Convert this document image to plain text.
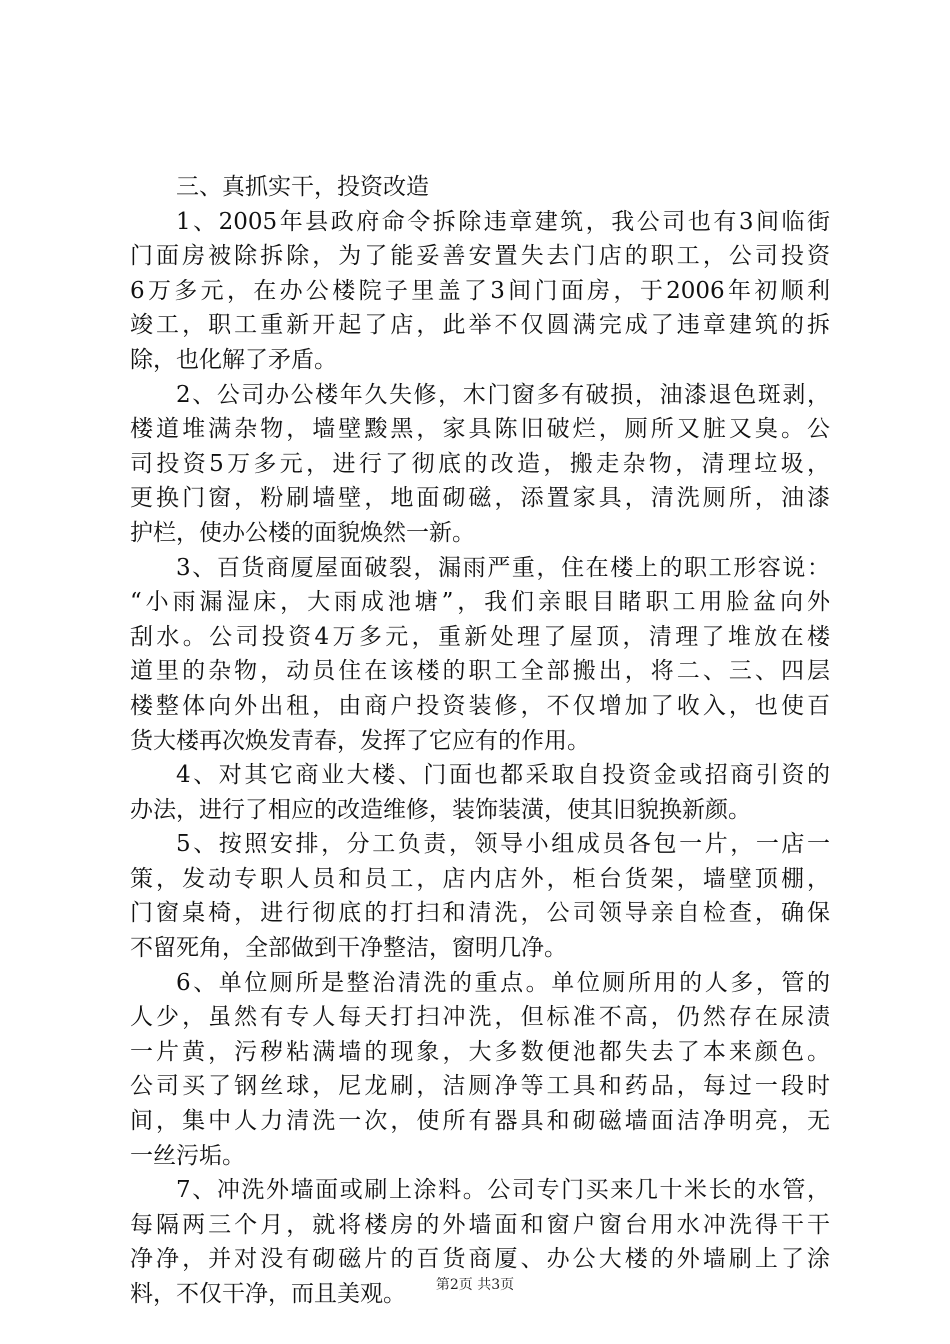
三、真抓实干，投资改造
1、2005年县政府命令拆除违章建筑，我公司也有3间临街
门面房被除拆除，为了能妥善安置失去门店的职工，公司投资
6万多元，在办公楼院子里盖了3间门面房，于2006年初顺利
竣工，职工重新开起了店，此举不仅圆满完成了违章建筑的拆
除，也化解了矛盾。
2、公司办公楼年久失修，木门窗多有破损，油漆退色斑剥，
楼道堆满杂物，墙壁黢黑，家具陈旧破烂，厕所又脏又臭。公
司投资5万多元，进行了彻底的改造，搬走杂物，清理垃圾，
更换门窗，粉刷墙壁，地面砌磁，添置家具，清洗厕所，油漆
护栏，使办公楼的面貌焕然一新。
3、百货商厦屋面破裂，漏雨严重，住在楼上的职工形容说：
“小雨漏湿床，大雨成池塘”，我们亲眼目睹职工用脸盆向外
刮水。公司投资4万多元，重新处理了屋顶，清理了堆放在楼
道里的杂物，动员住在该楼的职工全部搬出，将二、三、四层
楼整体向外出租，由商户投资装修，不仅增加了收入，也使百
货大楼再次焕发青春，发挥了它应有的作用。
4、对其它商业大楼、门面也都采取自投资金或招商引资的
办法，进行了相应的改造维修，装饰装潢，使其旧貌换新颜。
5、按照安排，分工负责，领导小组成员各包一片，一店一
策，发动专职人员和员工，店内店外，柜台货架，墙壁顶棚，
门窗桌椅，进行彻底的打扫和清洗，公司领导亲自检查，确保
不留死角，全部做到干净整洁，窗明几净。
6、单位厕所是整治清洗的重点。单位厕所用的人多，管的
人少，虽然有专人每天打扫冲洗，但标准不高，仍然存在尿渍
一片黄，污秽粘满墙的现象，大多数便池都失去了本来颜色。
公司买了钢丝球，尼龙刷，洁厕净等工具和药品，每过一段时
间，集中人力清洗一次，使所有器具和砌磁墙面洁净明亮，无
一丝污垢。
7、冲洗外墙面或刷上涂料。公司专门买来几十米长的水管，
每隔两三个月，就将楼房的外墙面和窗户窗台用水冲洗得干干
净净，并对没有砌磁片的百货商厦、办公大楼的外墙刷上了涂
料，不仅干净，而且美观。	第2页 共3页
